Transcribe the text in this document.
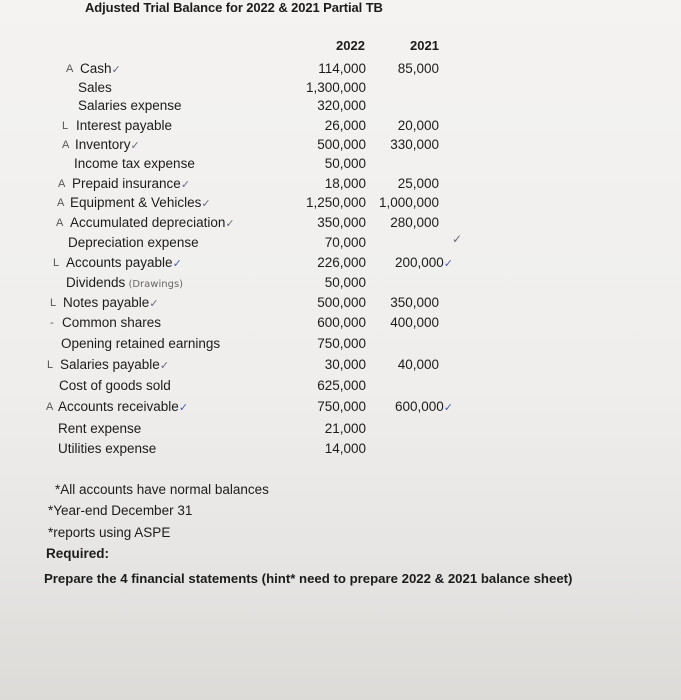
Adjusted Trial Balance for 2022 & 2021 Partial TB
2022	2021
A Cash✓	114,000 85,000
Sales	1,300,000
Salaries expense	320,000
L Interest payable	26,000 20,000
A Inventory✓	500,000 330,000
Income tax expense	50,000
A Prepaid insurance✓	18,000 25,000
A Equipment & Vehicles✓	1,250,000 1,000,000
A Accumulated depreciation✓	350,000 280,000
Depreciation expense	70,000
L Accounts payable✓	226,000 200,000✓
Dividends (Drawings)	50,000
L Notes payable✓	500,000 350,000
- Common shares	600,000 400,000
Opening retained earnings	750,000
L Salaries payable✓	30,000 40,000
Cost of goods sold	625,000
A Accounts receivable✓	750,000 600,000✓
Rent expense	21,000
Utilities expense	14,000
✓
*All accounts have normal balances
*Year-end December 31
*reports using ASPE
Required:
Prepare the 4 financial statements (hint* need to prepare 2022 & 2021 balance sheet)
